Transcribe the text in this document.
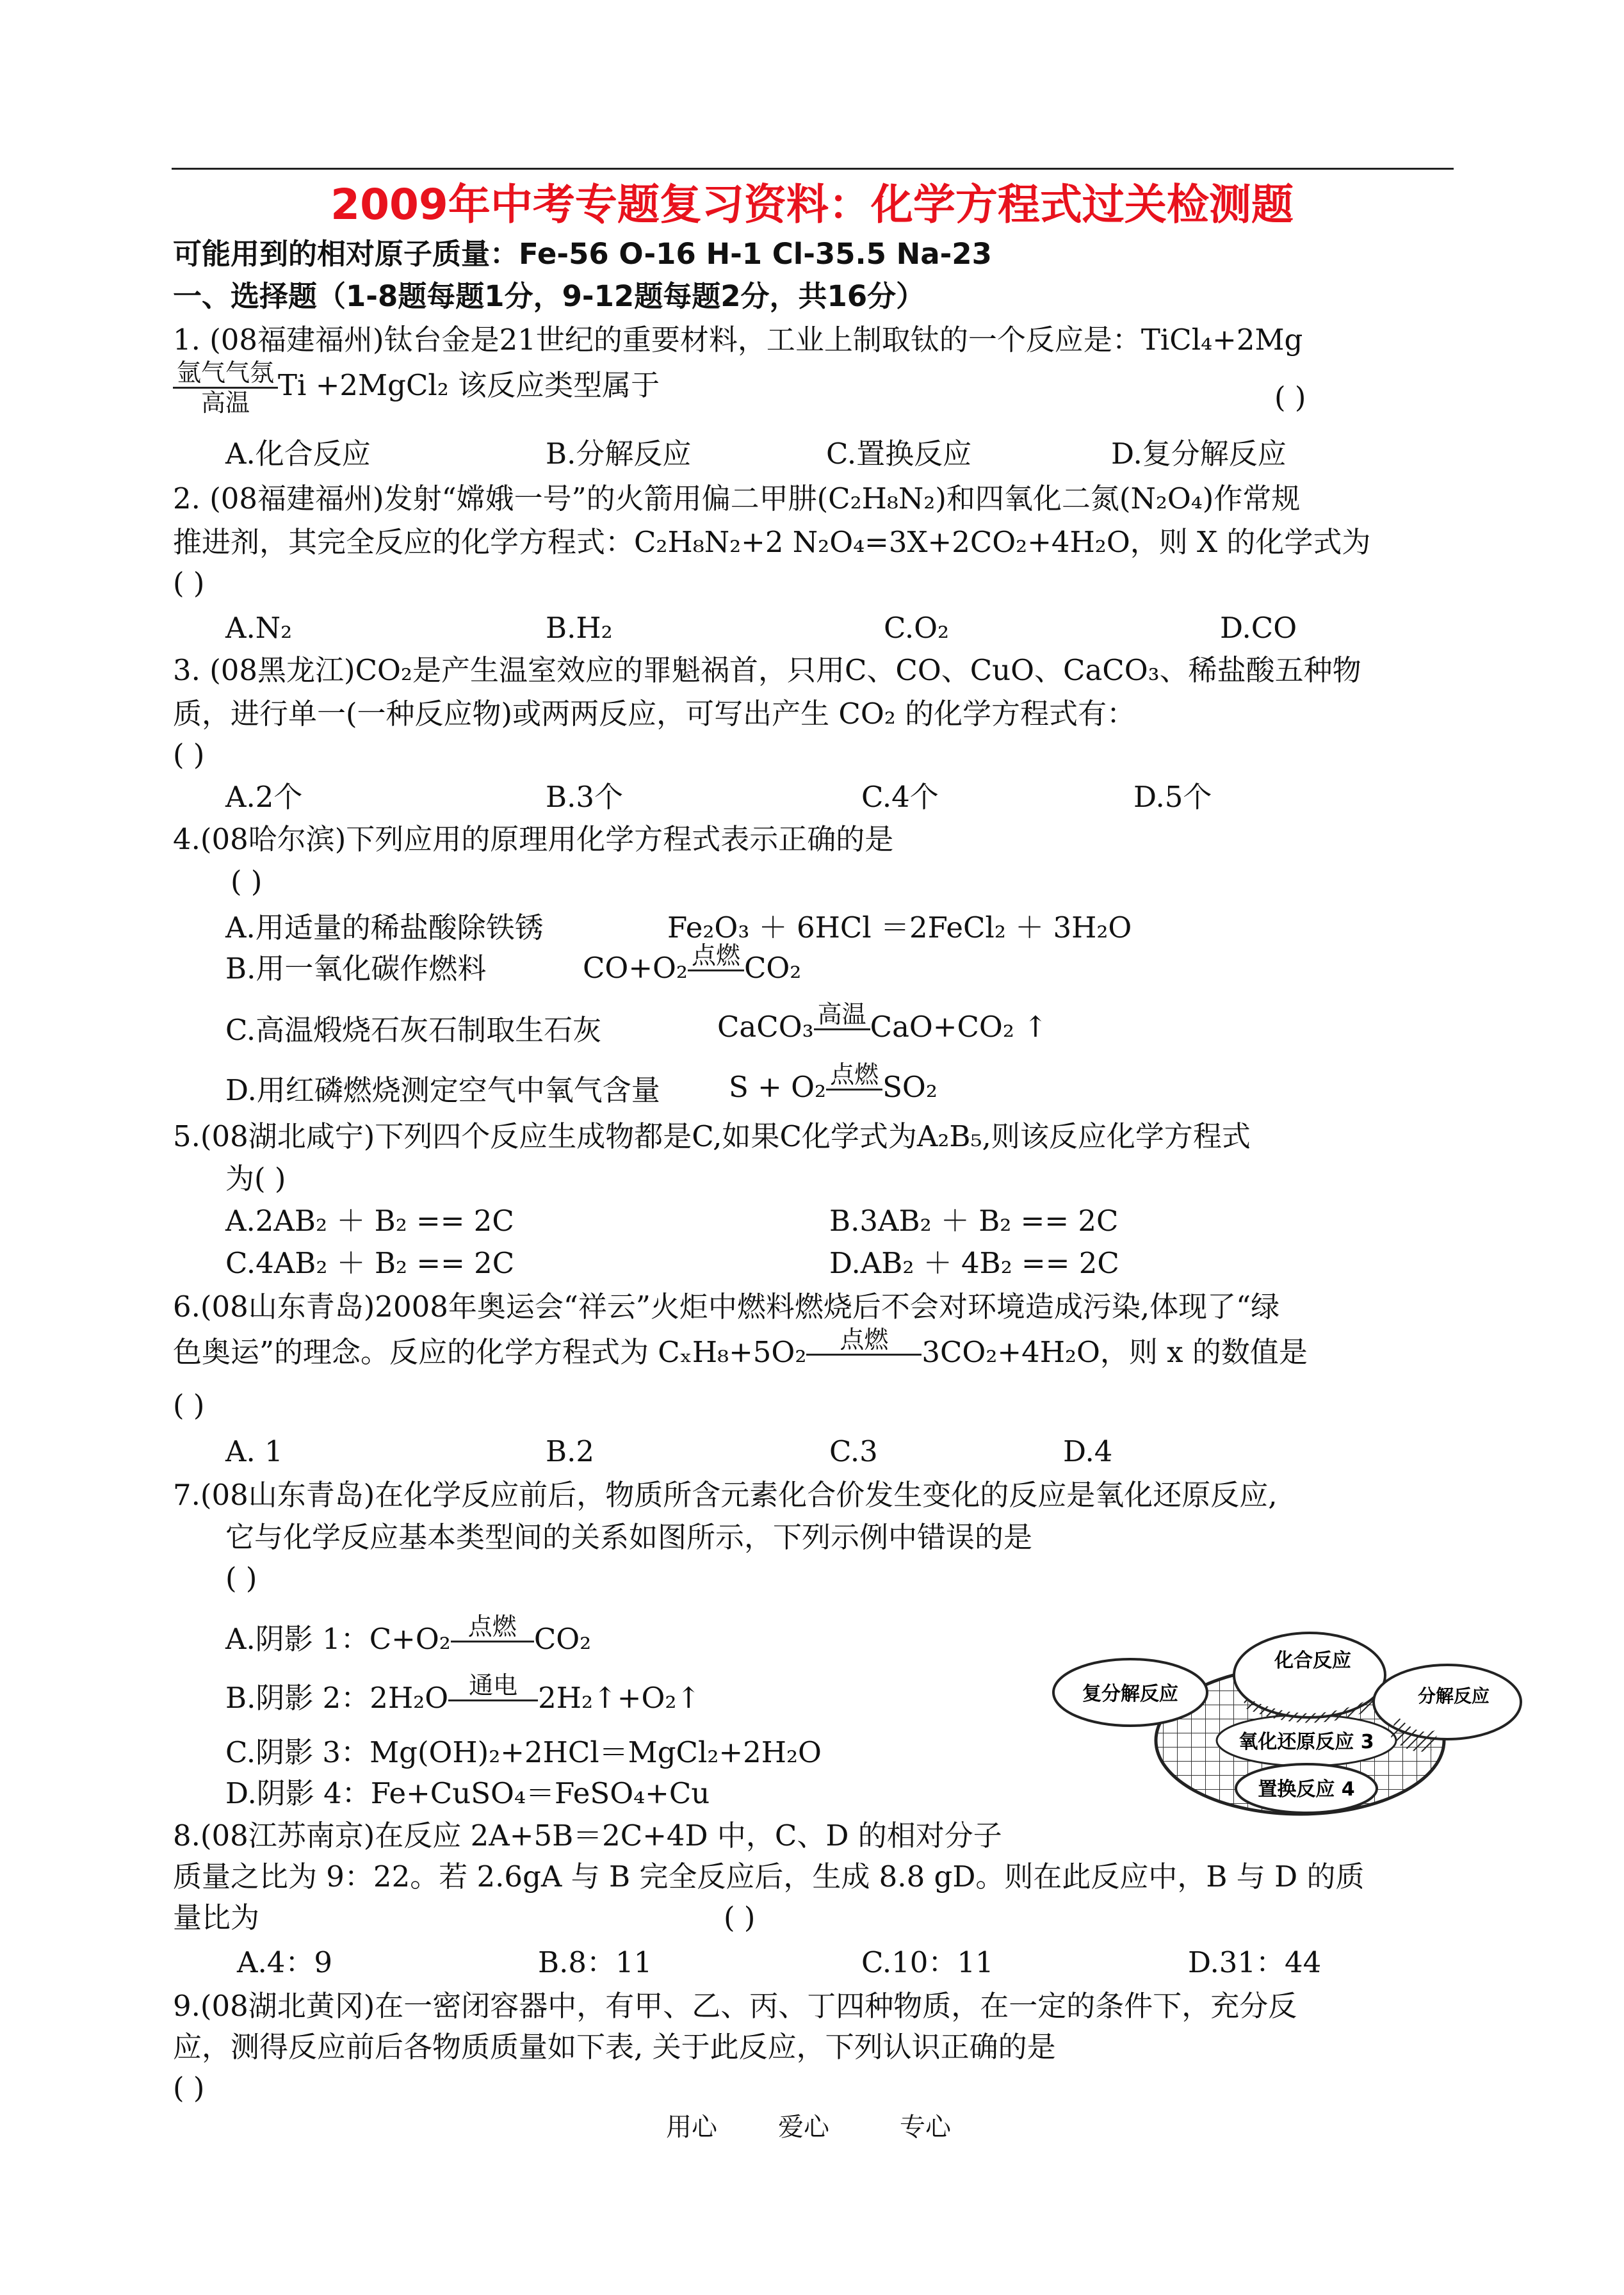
2009年中考专题复习资料：化学方程式过关检测题
可能用到的相对原子质量：Fe-56 O-16 H-1 Cl-35.5 Na-23
一、选择题（1-8题每题1分，9-12题每题2分，共16分）
1. (08福建福州)钛台金是21世纪的重要材料，工业上制取钛的一个反应是：TiCl₄+2Mg
$\frac{\text{氩气气氛}}{\text{高温}}$ Ti +2MgCl₂ 该反应类型属于	( )
A.化合反应	B.分解反应	C.置换反应	D.复分解反应
2. (08福建福州)发射“嫦娥一号”的火箭用偏二甲肼(C₂H₈N₂)和四氧化二氮(N₂O₄)作常规
推进剂，其完全反应的化学方程式：C₂H₈N₂+2 N₂O₄=3X+2CO₂+4H₂O，则 X 的化学式为
( )
A.N₂	B.H₂	C.O₂	D.CO
3. (08黑龙江)CO₂是产生温室效应的罪魁祸首，只用C、CO、CuO、CaCO₃、稀盐酸五种物
质，进行单一(一种反应物)或两两反应，可写出产生 CO₂ 的化学方程式有：
( )
A.2个	B.3个	C.4个	D.5个
4.(08哈尔滨)下列应用的原理用化学方程式表示正确的是
( )
A.用适量的稀盐酸除铁锈	Fe₂O₃ ＋ 6HCl ＝2FeCl₂ ＋ 3H₂O
B.用一氧化碳作燃料	CO+O₂ 点燃 CO₂
C.高温煅烧石灰石制取生石灰	CaCO₃ 高温 CaO+CO₂ ↑
D.用红磷燃烧测定空气中氧气含量 S + O₂ 点燃 SO₂
5.(08湖北咸宁)下列四个反应生成物都是C,如果C化学式为A₂B₅,则该反应化学方程式
为( )
A.2AB₂ ＋ B₂ == 2C	B.3AB₂ ＋ B₂ == 2C
C.4AB₂ ＋ B₂ == 2C	D.AB₂ ＋ 4B₂ == 2C
6.(08山东青岛)2008年奥运会“祥云”火炬中燃料燃烧后不会对环境造成污染,体现了“绿
色奥运”的理念。反应的化学方程式为 CₓH₈+5O₂	点燃	3CO₂+4H₂O，则 x 的数值是
( )
A. 1	B.2	C.3	D.4
7.(08山东青岛)在化学反应前后，物质所含元素化合价发生变化的反应是氧化还原反应,
它与化学反应基本类型间的关系如图所示，下列示例中错误的是
( )
A.阴影 1：C+O₂ 点燃 CO₂
B.阴影 2：2H₂O 通电 2H₂↑+O₂↑
C.阴影 3：Mg(OH)₂+2HCl＝MgCl₂+2H₂O
D.阴影 4：Fe+CuSO₄＝FeSO₄+Cu
复分解反应
化合反应
分解反应
氧化还原反应 3
置换反应 4
8.(08江苏南京)在反应 2A+5B＝2C+4D 中，C、D 的相对分子
质量之比为 9：22。若 2.6gA 与 B 完全反应后，生成 8.8 gD。则在此反应中，B 与 D 的质
量比为	( )
A.4：9	B.8：11	C.10：11	D.31：44
9.(08湖北黄冈)在一密闭容器中，有甲、乙、丙、丁四种物质，在一定的条件下，充分反
应，测得反应前后各物质质量如下表, 关于此反应，下列认识正确的是
( )
用心 爱心	专心
